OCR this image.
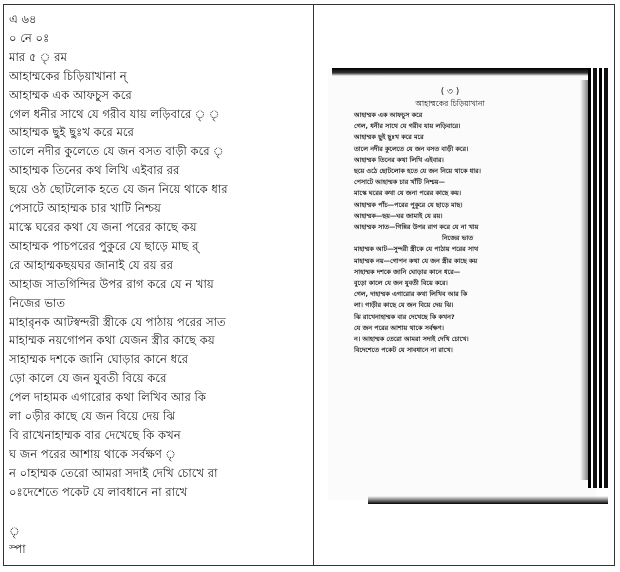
এ ৬৪
০ নে ০ঃ
মার ৫ ৃ রম
আহাম্মকের চিড়িয়াখানা ন্
আহাম্মক এক আফচুস করে
গেল ধনীর সাথে যে গরীব যায় লড়িবারে ৃ ৃ
আহাম্মক ছুই ছুঃখ করে মরে
তালে নদীর কুলেতে যে জন বসত বাড়ী করে ৃ
আহাম্মক তিনের কথ লিখি এইবার রর
ছয়ে ওঠ ছোটলোক হতে যে জন নিয়ে থাকে ধার
পেসাটে আহাম্মক চার খাটি নিশ্চয়
মাস্কে ঘরের কথা যে জনা পরের কাছে কয়
আহাম্মক পাচপরের পুকুরে যে ছাড়ে মাছ র্
রে আহাম্মকছয়ঘর জানাই যে রয় রর
আহাজ সাতগিন্দির উপর রাগ করে যে ন খায়
নিজের ভাত
মাহারৃনক আটস্বন্দরী স্ত্রীকে যে পাঠায় পরের সাত
মাহাম্মক নয়গোপন কথা যেজন স্ত্রীর কাছে কয়
সাহাম্মক দশকে জানি ঘোড়ার কানে ধরে
ড়ো কালে যে জন যুবতী বিয়ে করে
পেল দাহামক এগারোর কথা লিখিব আর কি
লা ০ড়ীর কাছে যে জন বিয়ে দেয় ঝি
বি রাখেনাহাম্মক বার দেখেছে কি কখন
ঘ জন পরের আশায় থাকে সর্বক্ষণ ৃ
ন ০াহাম্মক তেরো আমরা সদাই দেখি চোখে রা
০ঃদেশেতে পকেট যে লাবধানে না রাখে
ৃ
স্পা
( ৩ )
আহাম্মকের চিড়িয়াখানা
আহাম্মক এক আফচুস করে
গেল, ধনীর সাথে যে গরীব যায় লড়িবারে।
আহাম্মক ছুই ছুঃখ করে মরে
তালে নদীর কুলেতে যে জন বসত বাড়ী করে।
আহাম্মক তিনের কথা লিখি এইবার।
ছয়ে ওঠে ছোটলোক হতে যে জন নিয়ে থাকে ধার।
পেসাটে আহাম্মক চার খাঁটি নিশ্চয়—
মাস্কে ঘরের কথা যে জনা পরের কাছে কয়।
আহাম্মক পাঁচ—পরের পুকুরে যে ছাড়ে মাছ।
আহাম্মক—ছয়—ঘর জামাই যে রয়।
আহাম্মক সাত—গিন্নির উপর রাগ করে যে না খায়
নিজের ভাত
মাহাম্মক আট—সুন্দরী স্ত্রীকে যে পাঠায় পরের সাথ
মাহাম্মক নয়—গোপন কথা যে জন স্ত্রীর কাছে কয়
সাহাম্মক দশকে জানি ঘোড়ার কানে ধরে—
বুড়ো কালে যে জন যুবতী বিয়ে করে।
গেল, দাহাম্মক এগারোর কথা লিখিব আর কি
লা। গাড়ীর কাছে যে জন বিয়ে দেয় ঝি।
ঝি রাখেনাহাম্মক বার দেখেছে কি কখন?
যে জন পরের আশায় থাকে সর্বক্ষণ।
ন। আহাম্মক তেরো আমরা সদাই দেখি চোখে।
বিদেশেতে পকেট যে সাবধানে না রাখে।
